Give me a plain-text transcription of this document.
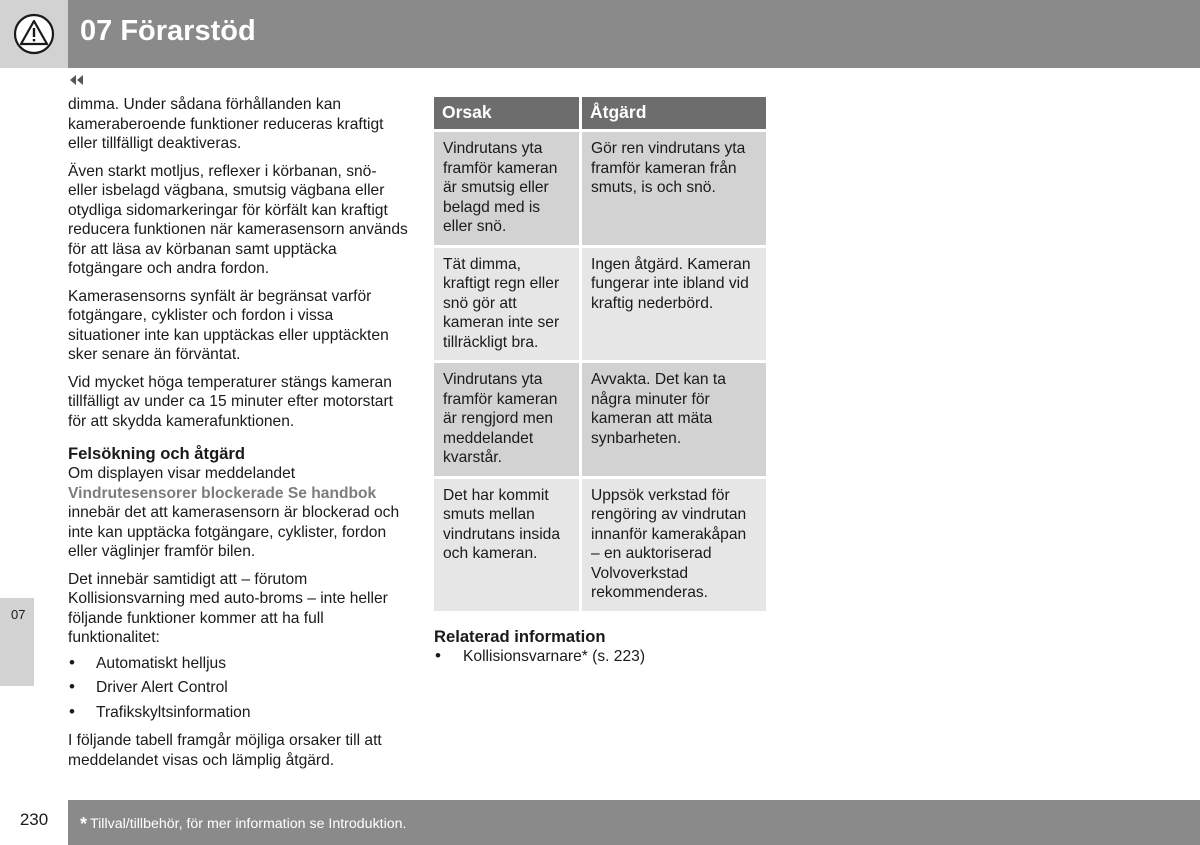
07 Förarstöd
07

dimma. Under sådana förhållanden kan kameraberoende funktioner reduceras kraftigt eller tillfälligt deaktiveras.

Även starkt motljus, reflexer i körbanan, snö- eller isbelagd vägbana, smutsig vägbana eller otydliga sidomarkeringar för körfält kan kraftigt reducera funktionen när kamerasensorn används för att läsa av körbanan samt upptäcka fotgängare och andra fordon.

Kamerasensorns synfält är begränsat varför fotgängare, cyklister och fordon i vissa situationer inte kan upptäckas eller upptäckten sker senare än förväntat.

Vid mycket höga temperaturer stängs kameran tillfälligt av under ca 15 minuter efter motorstart för att skydda kamerafunktionen.

Felsökning och åtgärd

Om displayen visar meddelandet
Vindrutesensorer blockerade Se handbok
innebär det att kamerasensorn är blockerad och inte kan upptäcka fotgängare, cyklister, fordon eller väglinjer framför bilen.

Det innebär samtidigt att – förutom Kollisionsvarning med auto-broms – inte heller följande funktioner kommer att ha full funktionalitet:

• Automatiskt helljus
• Driver Alert Control
• Trafikskyltsinformation

I följande tabell framgår möjliga orsaker till att meddelandet visas och lämplig åtgärd.

Orsak	Åtgärd
Vindrutans yta framför kameran är smutsig eller belagd med is eller snö.	Gör ren vindrutans yta framför kameran från smuts, is och snö.
Tät dimma, kraftigt regn eller snö gör att kameran inte ser tillräckligt bra.	Ingen åtgärd. Kameran fungerar inte ibland vid kraftig nederbörd.
Vindrutans yta framför kameran är rengjord men meddelandet kvarstår.	Avvakta. Det kan ta några minuter för kameran att mäta synbarheten.
Det har kommit smuts mellan vindrutans insida och kameran.	Uppsök verkstad för rengöring av vindrutan innanför kamerakåpan – en auktoriserad Volvoverkstad rekommenderas.
Relaterad information
• Kollisionsvarnare* (s. 223)
230	* Tillval/tillbehör, för mer information se Introduktion.
